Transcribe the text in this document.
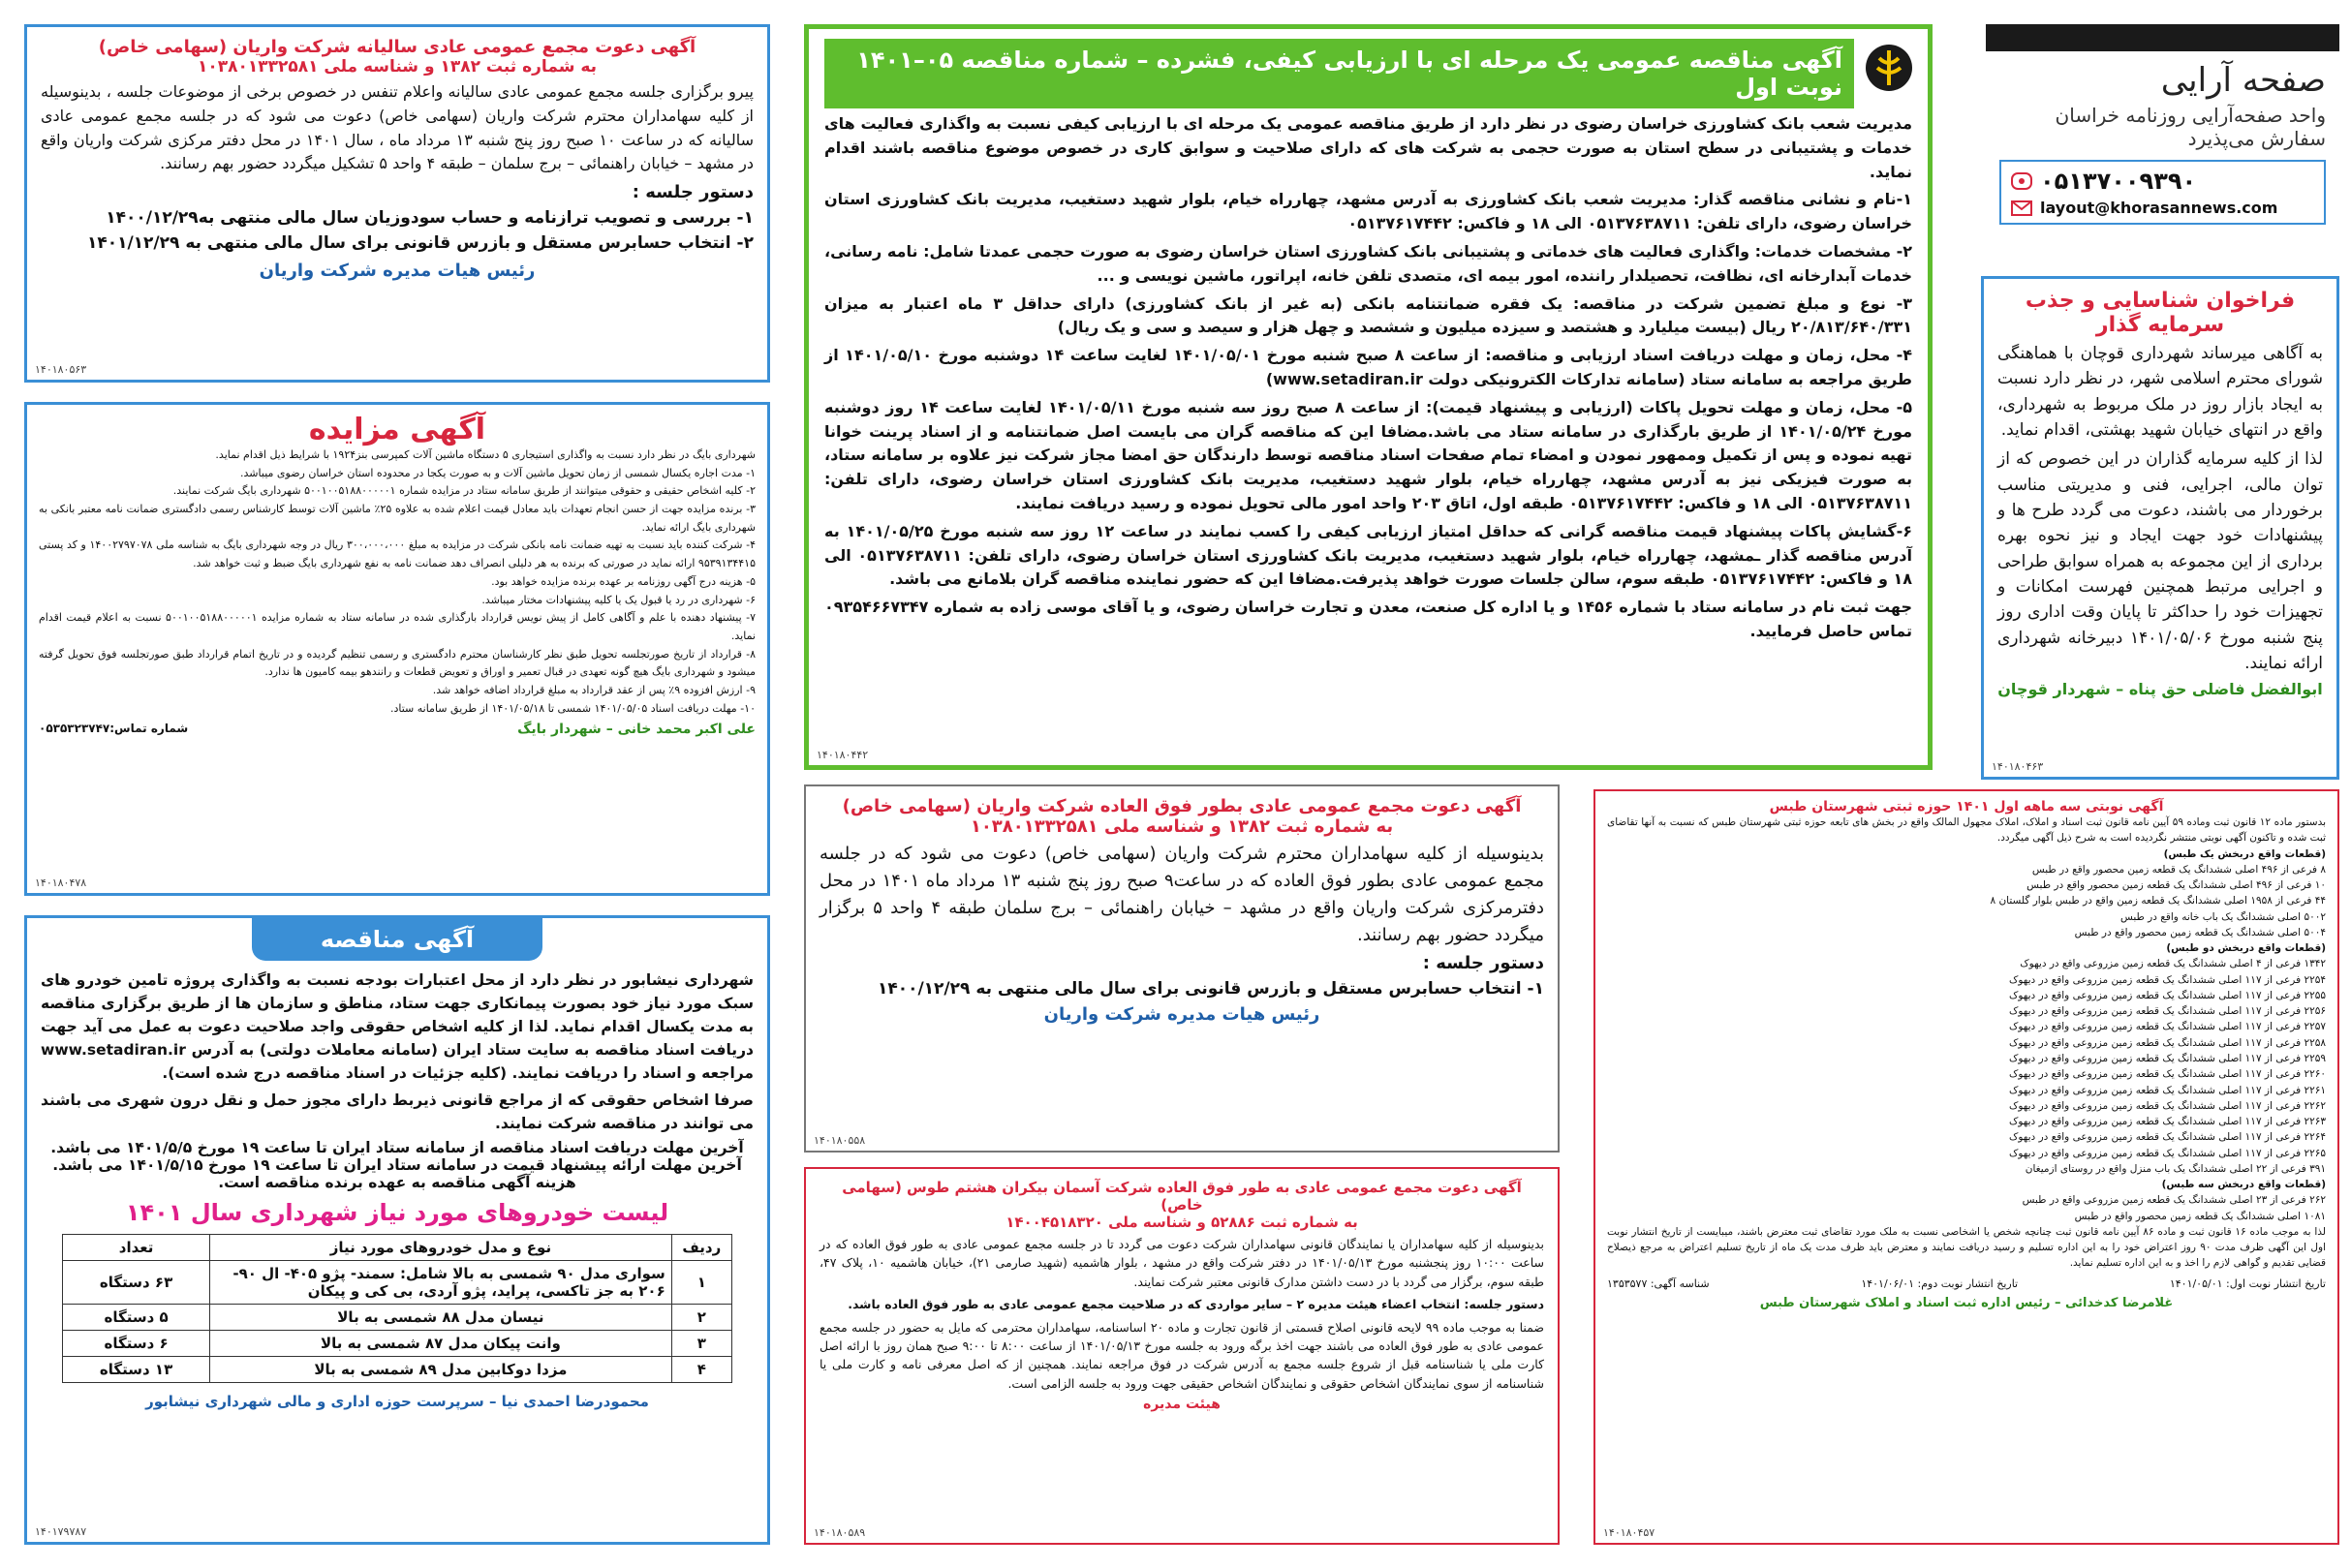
صفحه آرایی
واحد صفحه‌آرایی روزنامه خراسان
سفارش می‌پذیرد
۰۵۱۳۷۰۰۹۳۹۰
layout@khorasannews.com
فراخوان شناسایی و جذب سرمایه گذار

به آگاهی میرساند شهرداری قوچان با هماهنگی شورای محترم اسلامی شهر، در نظر دارد نسبت به ایجاد بازار روز در ملک مربوط به شهرداری، واقع در انتهای خیابان شهید بهشتی، اقدام نماید.

لذا از کلیه سرمایه گذاران در این خصوص که از توان مالی، اجرایی، فنی و مدیریتی مناسب برخوردار می باشند، دعوت می گردد طرح ها و پیشنهادات خود جهت ایجاد و نیز نحوه بهره برداری از این مجموعه به همراه سوابق طراحی و اجرایی مرتبط همچنین فهرست امکانات و تجهیزات خود را حداکثر تا پایان وقت اداری روز پنج شنبه مورخ ۱۴۰۱/۰۵/۰۶ دبیرخانه شهرداری ارائه نمایند.

ابوالفضل فاضلی حق پناه – شهردار قوچان
۱۴۰۱۸۰۴۶۳
آگهی مناقصه عمومی یک مرحله ای با ارزیابی کیفی، فشرده – شماره مناقصه ۰۵–۱۴۰۱ نوبت اول

مدیریت شعب بانک کشاورزی خراسان رضوی در نظر دارد از طریق مناقصه عمومی یک مرحله ای با ارزیابی کیفی نسبت به واگذاری فعالیت های خدمات و پشتیبانی در سطح استان به صورت حجمی به شرکت های که دارای صلاحیت و سوابق کاری در خصوص موضوع مناقصه باشند اقدام نماید.

۱-نام و نشانی مناقصه گذار: مدیریت شعب بانک کشاورزی به آدرس مشهد، چهارراه خیام، بلوار شهید دستغیب، مدیریت بانک کشاورزی استان خراسان رضوی، دارای تلفن: ۰۵۱۳۷۶۳۸۷۱۱ الی ۱۸ و فاکس: ۰۵۱۳۷۶۱۷۴۴۲

۲- مشخصات خدمات: واگذاری فعالیت های خدماتی و پشتیبانی بانک کشاورزی استان خراسان رضوی به صورت حجمی عمدتا شامل: نامه رسانی، خدمات آبدارخانه ای، نظافت، تحصیلدار راننده، امور بیمه ای، متصدی تلفن خانه، اپراتور، ماشین نویسی و ...

۳- نوع و مبلغ تضمین شرکت در مناقصه: یک فقره ضمانتنامه بانکی (به غیر از بانک کشاورزی) دارای حداقل ۳ ماه اعتبار به میزان ۲۰/۸۱۳/۶۴۰/۳۳۱ ریال (بیست میلیارد و هشتصد و سیزده میلیون و ششصد و چهل هزار و سیصد و سی و یک ریال)

۴- محل، زمان و مهلت دریافت اسناد ارزیابی و مناقصه: از ساعت ۸ صبح شنبه مورخ ۱۴۰۱/۰۵/۰۱ لغایت ساعت ۱۴ دوشنبه مورخ ۱۴۰۱/۰۵/۱۰ از طریق مراجعه به سامانه ستاد (سامانه تدارکات الکترونیکی دولت www.setadiran.ir)

۵- محل، زمان و مهلت تحویل پاکات (ارزیابی و پیشنهاد قیمت): از ساعت ۸ صبح روز سه شنبه مورخ ۱۴۰۱/۰۵/۱۱ لغایت ساعت ۱۴ روز دوشنبه مورخ ۱۴۰۱/۰۵/۲۴ از طریق بارگذاری در سامانه ستاد می باشد.مضافا این که مناقصه گران می بایست اصل ضمانتنامه و از اسناد پرینت خوانا تهیه نموده و پس از تکمیل وممهور نمودن و امضاء تمام صفحات اسناد مناقصه توسط دارندگان حق امضا مجاز شرکت نیز علاوه بر سامانه ستاد، به صورت فیزیکی نیز به آدرس مشهد، چهارراه خیام، بلوار شهید دستغیب، مدیریت بانک کشاورزی استان خراسان رضوی، دارای تلفن: ۰۵۱۳۷۶۳۸۷۱۱ الی ۱۸ و فاکس: ۰۵۱۳۷۶۱۷۴۴۲ طبقه اول، اتاق ۲۰۳ واحد امور مالی تحویل نموده و رسید دریافت نمایند.

۶-گشایش پاکات پیشنهاد قیمت مناقصه گرانی که حداقل امتیاز ارزیابی کیفی را کسب نمایند در ساعت ۱۲ روز سه شنبه مورخ ۱۴۰۱/۰۵/۲۵ به آدرس مناقصه گذار ـمشهد، چهارراه خیام، بلوار شهید دستغیب، مدیریت بانک کشاورزی استان خراسان رضوی، دارای تلفن: ۰۵۱۳۷۶۳۸۷۱۱ الی ۱۸ و فاکس: ۰۵۱۳۷۶۱۷۴۴۲ طبقه سوم، سالن جلسات صورت خواهد پذیرفت.مضافا این که حضور نماینده مناقصه گران بلامانع می باشد.

جهت ثبت نام در سامانه ستاد با شماره ۱۴۵۶ و یا اداره کل صنعت، معدن و تجارت خراسان رضوی، و یا آقای موسی زاده به شماره ۰۹۳۵۴۶۶۷۳۴۷ تماس حاصل فرمایید.

۱۴۰۱۸۰۴۴۲
آگهی دعوت مجمع عمومی عادی سالیانه شرکت واریان (سهامی خاص)
به شماره ثبت ۱۳۸۲ و شناسه ملی ۱۰۳۸۰۱۳۳۲۵۸۱

پیرو برگزاری جلسه مجمع عمومی عادی سالیانه واعلام تنفس در خصوص برخی از موضوعات جلسه ، بدینوسیله از کلیه سهامداران محترم شرکت واریان (سهامی خاص) دعوت می شود که در جلسه مجمع عمومی عادی سالیانه که در ساعت ۱۰ صبح روز پنج شنبه ۱۳ مرداد ماه ، سال ۱۴۰۱ در محل دفتر مرکزی شرکت واریان واقع در مشهد – خیابان راهنمائی – برج سلمان – طبقه ۴ واحد ۵ تشکیل میگردد حضور بهم رسانند.

دستور جلسه :
۱- بررسی و تصویب ترازنامه و حساب سودوزیان سال مالی منتهی به۱۴۰۰/۱۲/۲۹
۲- انتخاب حسابرس مستقل و بازرس قانونی برای سال مالی منتهی به ۱۴۰۱/۱۲/۲۹
رئیس هیات مدیره شرکت واریان
۱۴۰۱۸۰۵۶۳
آگهی مزایده
شهرداری بایگ در نظر دارد نسبت به واگذاری استیجاری ۵ دستگاه ماشین آلات کمپرسی بنز۱۹۲۴ با شرایط ذیل اقدام نماید.
۱- مدت اجاره یکسال شمسی از زمان تحویل ماشین آلات و به صورت یکجا در محدوده استان خراسان رضوی میباشد.
۲- کلیه اشخاص حقیقی و حقوقی میتوانند از طریق سامانه ستاد در مزایده شماره ۵۰۰۱۰۰۵۱۸۸۰۰۰۰۰۱ شهرداری بایگ شرکت نمایند.
۳- برنده مزایده جهت از حسن انجام تعهدات باید معادل قیمت اعلام شده به علاوه ۲۵٪ ماشین آلات توسط کارشناس رسمی دادگستری ضمانت نامه معتبر بانکی به شهرداری بایگ ارائه نماید.
۴- شرکت کننده باید نسبت به تهیه ضمانت نامه بانکی شرکت در مزایده به مبلغ ۳۰۰،۰۰۰،۰۰۰ ریال در وجه شهرداری بایگ به شناسه ملی ۱۴۰۰۲۷۹۷۰۷۸ و کد پستی ۹۵۳۹۱۳۴۴۱۵ ارائه نماید در صورتی که برنده به هر دلیلی انصراف دهد ضمانت نامه به نفع شهرداری بایگ ضبط و ثبت خواهد شد.
۵- هزینه درج آگهی روزنامه بر عهده برنده مزایده خواهد بود.
۶- شهرداری در رد یا قبول یک یا کلیه پیشنهادات مختار میباشد.
۷- پیشنهاد دهنده با علم و آگاهی کامل از پیش نویس قرارداد بارگذاری شده در سامانه ستاد به شماره مزایده ۵۰۰۱۰۰۵۱۸۸۰۰۰۰۰۱ نسبت به اعلام قیمت اقدام نماید.
۸- قرارداد از تاریخ صورتجلسه تحویل طبق نظر کارشناسان محترم دادگستری و رسمی تنظیم گردیده و در تاریخ اتمام قرارداد طبق صورتجلسه فوق تحویل گرفته میشود و شهرداری بایگ هیچ گونه تعهدی در قبال تعمیر و اوراق و تعویض قطعات و رانندهو بیمه کامیون ها ندارد.
۹- ارزش افزوده ۹٪ پس از عقد قرارداد به مبلغ قرارداد اضافه خواهد شد.
۱۰- مهلت دریافت اسناد ۱۴۰۱/۰۵/۰۵ شمسی تا ۱۴۰۱/۰۵/۱۸ از طریق سامانه ستاد.
علی اکبر محمد خانی – شهردار بایگ
شماره تماس:۰۵۳۵۳۲۳۷۴۷
۱۴۰۱۸۰۴۷۸
آگهی مناقصه

شهرداری نیشابور در نظر دارد از محل اعتبارات بودجه نسبت به واگذاری پروژه تامین خودرو های سبک مورد نیاز خود بصورت پیمانکاری جهت ستاد، مناطق و سازمان ها از طریق برگزاری مناقصه به مدت یکسال اقدام نماید. لذا از کلیه اشخاص حقوقی واجد صلاحیت دعوت به عمل می آید جهت دریافت اسناد مناقصه به سایت ستاد ایران (سامانه معاملات دولتی) به آدرس www.setadiran.ir مراجعه و اسناد را دریافت نمایند. (کلیه جزئیات در اسناد مناقصه درج شده است).

صرفا اشخاص حقوقی که از مراجع قانونی ذیربط دارای مجوز حمل و نقل درون شهری می باشند می توانند در مناقصه شرکت نمایند.

آخرین مهلت دریافت اسناد مناقصه از سامانه ستاد ایران تا ساعت ۱۹ مورخ ۱۴۰۱/۵/۵ می باشد.
آخرین مهلت ارائه پیشنهاد قیمت در سامانه ستاد ایران تا ساعت ۱۹ مورخ ۱۴۰۱/۵/۱۵ می باشد.
هزینه آگهی مناقصه به عهده برنده مناقصه است.
لیست خودروهای مورد نیاز شهرداری سال ۱۴۰۱
ردیف	نوع و مدل خودروهای مورد نیاز	تعداد
۱	سواری مدل ۹۰ شمسی به بالا شامل: سمند- پژو ۴۰۵- ال ۹۰- ۲۰۶ به جز تاکسی، پراید، پژو آردی، بی کی و پیکان	۶۳ دستگاه
۲	نیسان مدل ۸۸ شمسی به بالا	۵ دستگاه
۳	وانت پیکان مدل ۸۷ شمسی به بالا	۶ دستگاه
۴	مزدا دوکابین مدل ۸۹ شمسی به بالا	۱۳ دستگاه
محمودرضا احمدی نیا – سرپرست حوزه اداری و مالی شهرداری نیشابور
۱۴۰۱۷۹۷۸۷
آگهی دعوت مجمع عمومی عادی بطور فوق العاده شرکت واریان (سهامی خاص)
به شماره ثبت ۱۳۸۲ و شناسه ملی ۱۰۳۸۰۱۳۳۲۵۸۱

بدینوسیله از کلیه سهامداران محترم شرکت واریان (سهامی خاص) دعوت می شود که در جلسه مجمع عمومی عادی بطور فوق العاده که در ساعت۹ صبح روز پنج شنبه ۱۳ مرداد ماه ۱۴۰۱ در محل دفترمرکزی شرکت واریان واقع در مشهد – خیابان راهنمائی – برج سلمان طبقه ۴ واحد ۵ برگزار میگردد حضور بهم رسانند.

دستور جلسه :
۱- انتخاب حسابرس مستقل و بازرس قانونی برای سال مالی منتهی به ۱۴۰۰/۱۲/۲۹
رئیس هیات مدیره شرکت واریان
۱۴۰۱۸۰۵۵۸
آگهی دعوت مجمع عمومی عادی به طور فوق العاده شرکت آسمان بیکران هشتم طوس (سهامی خاص)
به شماره ثبت ۵۲۸۸۶ و شناسه ملی ۱۴۰۰۴۵۱۸۳۲۰

بدینوسیله از کلیه سهامداران یا نمایندگان قانونی سهامداران شرکت دعوت می گردد تا در جلسه مجمع عمومی عادی به طور فوق العاده که در ساعت ۱۰:۰۰ روز پنجشنبه مورخ ۱۴۰۱/۰۵/۱۳ در دفتر شرکت واقع در مشهد ، بلوار هاشمیه (شهید صارمی ۲۱)، خیابان هاشمیه ۱۰، پلاک ۴۷، طبقه سوم، برگزار می گردد با در دست داشتن مدارک قانونی معتبر شرکت نمایند.

دستور جلسه: انتخاب اعضاء هیئت مدیره ۲ – سایر مواردی که در صلاحیت مجمع عمومی عادی به طور فوق العاده باشد.

ضمنا به موجب ماده ۹۹ لایحه قانونی اصلاح قسمتی از قانون تجارت و ماده ۲۰ اساسنامه، سهامداران محترمی که مایل به حضور در جلسه مجمع عمومی عادی به طور فوق العاده می باشند جهت اخذ برگه ورود به جلسه مورخ ۱۴۰۱/۰۵/۱۳ از ساعت ۸:۰۰ تا ۹:۰۰ صبح همان روز با ارائه اصل کارت ملی یا شناسنامه قبل از شروع جلسه مجمع به آدرس شرکت در فوق مراجعه نمایند. همچنین از که اصل معرفی نامه و کارت ملی یا شناسنامه از سوی نمایندگان اشخاص حقوقی و نمایندگان اشخاص حقیقی جهت ورود به جلسه الزامی است.

هیئت مدیره
۱۴۰۱۸۰۵۸۹
آگهی نوبتی سه ماهه اول ۱۴۰۱ حوزه ثبتی شهرستان طبس
بدستور ماده ۱۲ قانون ثبت وماده ۵۹ آیین نامه قانون ثبت اسناد و املاک، املاک مجهول المالک واقع در بخش های تابعه حوزه ثبتی شهرستان طبس که نسبت به آنها تقاضای ثبت شده و تاکنون آگهی نوبتی منتشر نگردیده است به شرح ذیل آگهی میگردد.
(قطعات واقع دربخش یک طبس)
۸ فرعی از ۴۹۶ اصلی ششدانگ یک قطعه زمین محصور واقع در طبس
۱۰ فرعی از ۴۹۶ اصلی ششدانگ یک قطعه زمین محصور واقع در طبس
۴۴ فرعی از ۱۹۵۸ اصلی ششدانگ یک قطعه زمین واقع در طبس بلوار گلستان ۸
۵۰۰۲ اصلی ششدانگ یک باب خانه واقع در طبس
۵۰۰۴ اصلی ششدانگ یک قطعه زمین محصور واقع در طبس
(قطعات واقع دربخش دو طبس)
۱۳۴۲ فرعی از ۴ اصلی ششدانگ یک قطعه زمین مزروعی واقع در دیهوک
۲۲۵۴ فرعی از ۱۱۷ اصلی ششدانگ یک قطعه زمین مزروعی واقع در دیهوک
۲۲۵۵ فرعی از ۱۱۷ اصلی ششدانگ یک قطعه زمین مزروعی واقع در دیهوک
۲۲۵۶ فرعی از ۱۱۷ اصلی ششدانگ یک قطعه زمین مزروعی واقع در دیهوک
۲۲۵۷ فرعی از ۱۱۷ اصلی ششدانگ یک قطعه زمین مزروعی واقع در دیهوک
۲۲۵۸ فرعی از ۱۱۷ اصلی ششدانگ یک قطعه زمین مزروعی واقع در دیهوک
۲۲۵۹ فرعی از ۱۱۷ اصلی ششدانگ یک قطعه زمین مزروعی واقع در دیهوک
۲۲۶۰ فرعی از ۱۱۷ اصلی ششدانگ یک قطعه زمین مزروعی واقع در دیهوک
۲۲۶۱ فرعی از ۱۱۷ اصلی ششدانگ یک قطعه زمین مزروعی واقع در دیهوک
۲۲۶۲ فرعی از ۱۱۷ اصلی ششدانگ یک قطعه زمین مزروعی واقع در دیهوک
۲۲۶۳ فرعی از ۱۱۷ اصلی ششدانگ یک قطعه زمین مزروعی واقع در دیهوک
۲۲۶۴ فرعی از ۱۱۷ اصلی ششدانگ یک قطعه زمین مزروعی واقع در دیهوک
۲۲۶۵ فرعی از ۱۱۷ اصلی ششدانگ یک قطعه زمین مزروعی واقع در دیهوک
۳۹۱ فرعی از ۲۲ اصلی ششدانگ یک باب منزل واقع در روستای ازمیغان
(قطعات واقع دربخش سه طبس)
۲۶۲ فرعی از ۲۳ اصلی ششدانگ یک قطعه زمین مزروعی واقع در طبس
۱۰۸۱ اصلی ششدانگ یک قطعه زمین محصور واقع در طبس
لذا به موجب ماده ۱۶ قانون ثبت و ماده ۸۶ آیین نامه قانون ثبت چنانچه شخص یا اشخاصی نسبت به ملک مورد تقاضای ثبت معترض باشند، میبایست از تاریخ انتشار نوبت اول این آگهی ظرف مدت ۹۰ روز اعتراض خود را به این اداره تسلیم و رسید دریافت نمایند و معترض باید ظرف مدت یک ماه از تاریخ تسلیم اعتراض به مرجع ذیصلاح قضایی تقدیم و گواهی لازم را اخذ و به این اداره تسلیم نماید.
تاریخ انتشار نوبت اول: ۱۴۰۱/۰۵/۰۱
تاریخ انتشار نوبت دوم: ۱۴۰۱/۰۶/۰۱
شناسه آگهی: ۱۳۵۳۵۷۷
غلامرضا کدخدائی – رئیس اداره ثبت اسناد و املاک شهرستان طبس
۱۴۰۱۸۰۴۵۷
